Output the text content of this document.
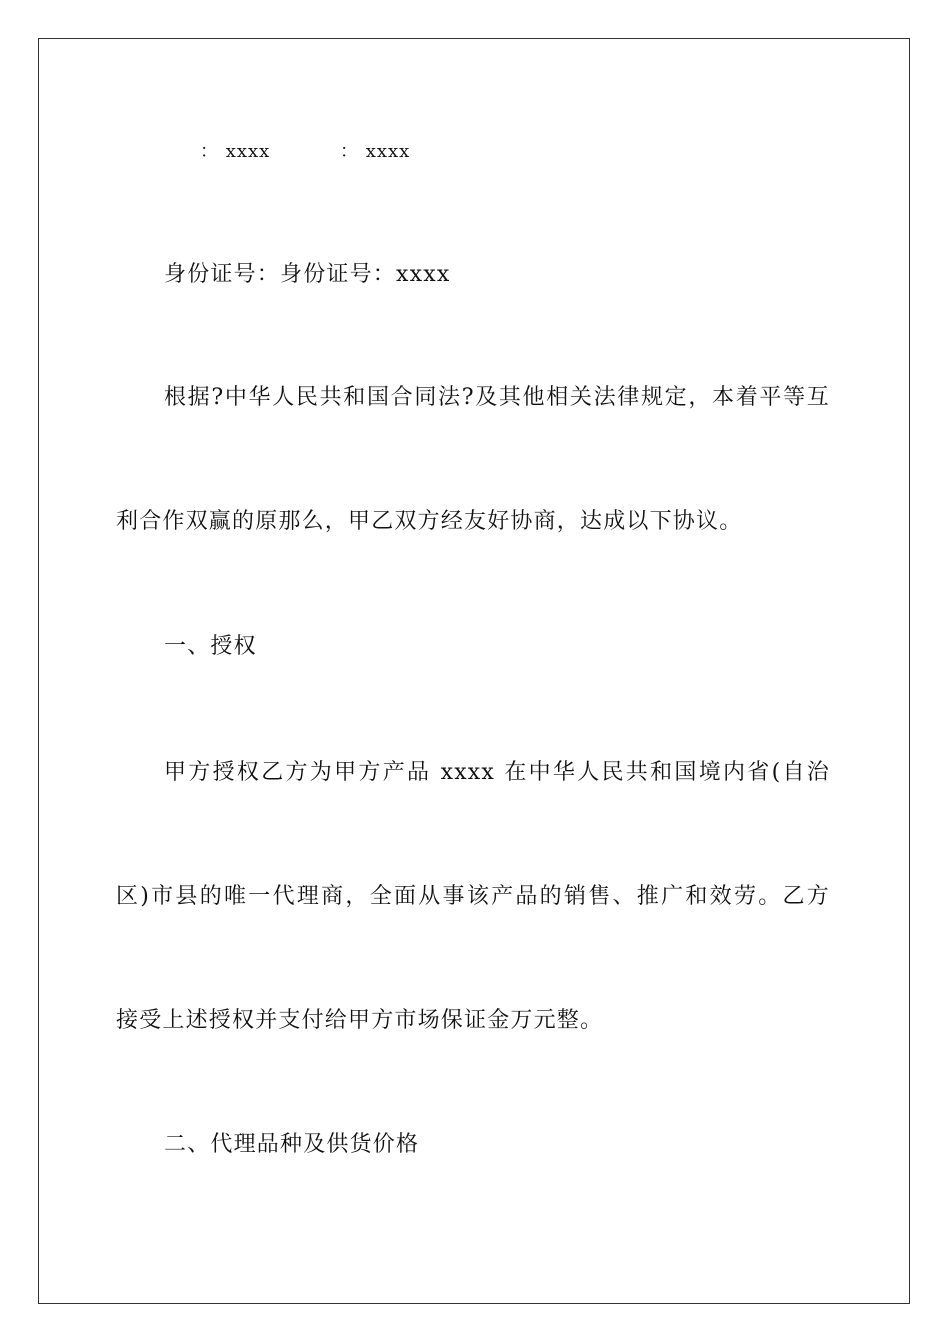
： xxxx	： xxxx
身份证号：身份证号：xxxx
根据?中华人民共和国合同法?及其他相关法律规定，本着平等互
利合作双赢的原那么，甲乙双方经友好协商，达成以下协议。
一、授权
甲方授权乙方为甲方产品 xxxx 在中华人民共和国境内省(自治
区)市县的唯一代理商，全面从事该产品的销售、推广和效劳。乙方
接受上述授权并支付给甲方市场保证金万元整。
二、代理品种及供货价格
